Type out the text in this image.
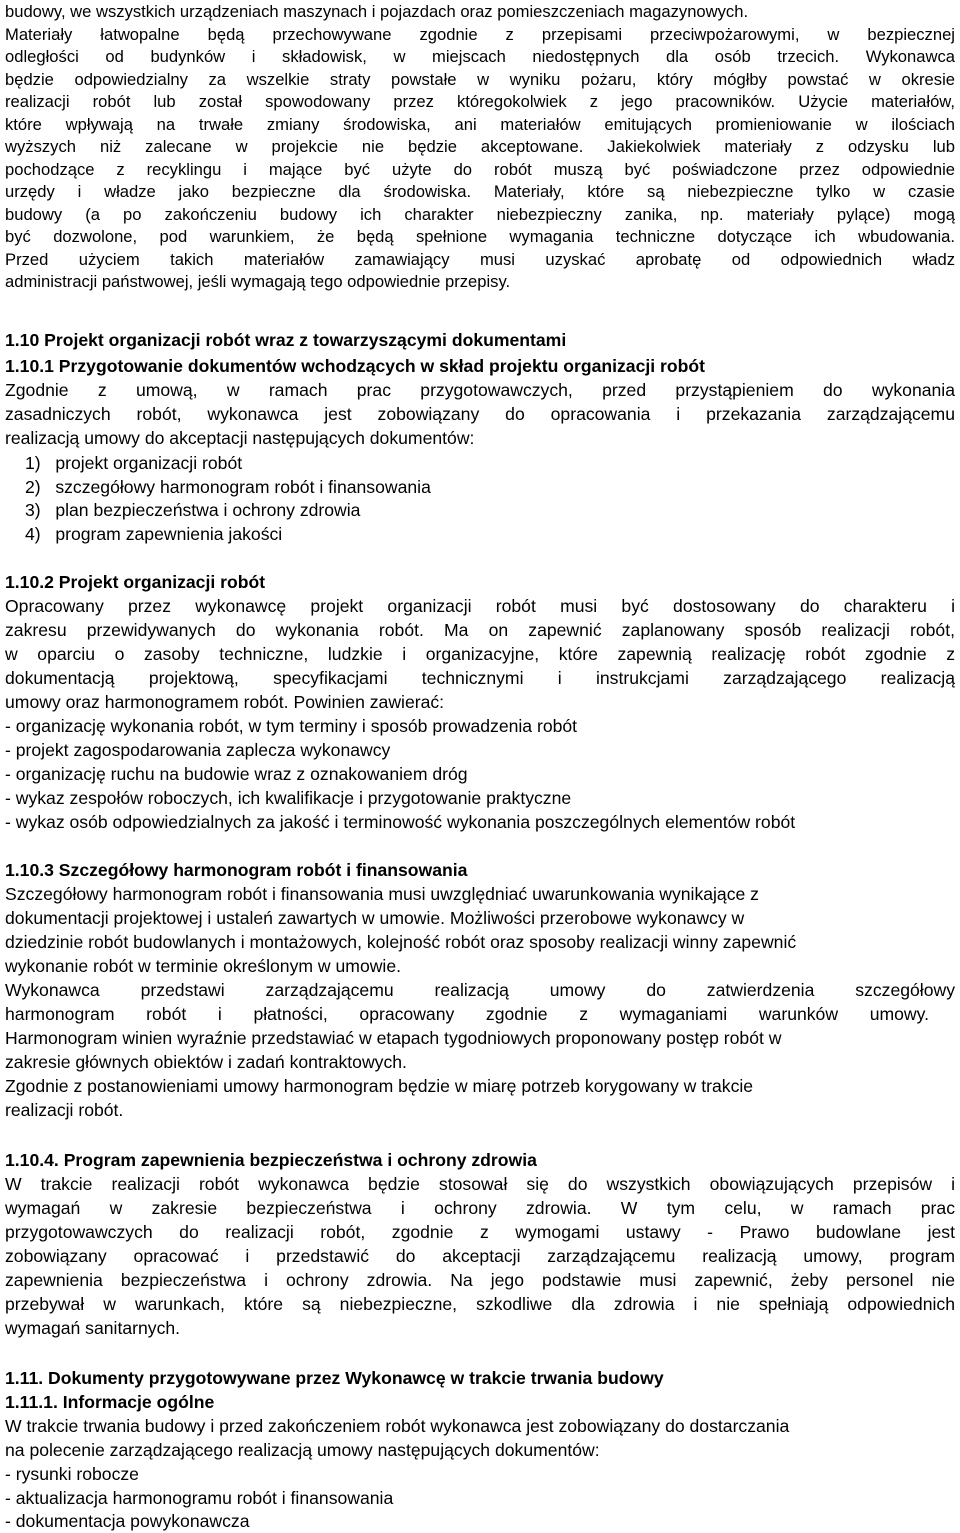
budowy, we wszystkich urządzeniach maszynach i pojazdach oraz pomieszczeniach magazynowych.
Materiały łatwopalne będą przechowywane zgodnie z przepisami przeciwpożarowymi, w bezpiecznej
odległości od budynków i składowisk, w miejscach niedostępnych dla osób trzecich. Wykonawca
będzie odpowiedzialny za wszelkie straty powstałe w wyniku pożaru, który mógłby powstać w okresie
realizacji robót lub został spowodowany przez któregokolwiek z jego pracowników. Użycie materiałów,
które wpływają na trwałe zmiany środowiska, ani materiałów emitujących promieniowanie w ilościach
wyższych niż zalecane w projekcie nie będzie akceptowane. Jakiekolwiek materiały z odzysku lub
pochodzące z recyklingu i mające być użyte do robót muszą być poświadczone przez odpowiednie
urzędy i władze jako bezpieczne dla środowiska. Materiały, które są niebezpieczne tylko w czasie
budowy (a po zakończeniu budowy ich charakter niebezpieczny zanika, np. materiały pylące) mogą
być dozwolone, pod warunkiem, że będą spełnione wymagania techniczne dotyczące ich wbudowania.
Przed użyciem takich materiałów zamawiający musi uzyskać aprobatę od odpowiednich władz
administracji państwowej, jeśli wymagają tego odpowiednie przepisy.
1.10 Projekt organizacji robót wraz z towarzyszącymi dokumentami
1.10.1 Przygotowanie dokumentów wchodzących w skład projektu organizacji robót
Zgodnie z umową, w ramach prac przygotowawczych, przed przystąpieniem do wykonania
zasadniczych robót, wykonawca jest zobowiązany do opracowania i przekazania zarządzającemu
realizacją umowy do akceptacji następujących dokumentów:
1) projekt organizacji robót
2) szczegółowy harmonogram robót i finansowania
3) plan bezpieczeństwa i ochrony zdrowia
4) program zapewnienia jakości
1.10.2 Projekt organizacji robót
Opracowany przez wykonawcę projekt organizacji robót musi być dostosowany do charakteru i
zakresu przewidywanych do wykonania robót. Ma on zapewnić zaplanowany sposób realizacji robót,
w oparciu o zasoby techniczne, ludzkie i organizacyjne, które zapewnią realizację robót zgodnie z
dokumentacją projektową, specyfikacjami technicznymi i instrukcjami zarządzającego realizacją
umowy oraz harmonogramem robót. Powinien zawierać:
- organizację wykonania robót, w tym terminy i sposób prowadzenia robót
- projekt zagospodarowania zaplecza wykonawcy
- organizację ruchu na budowie wraz z oznakowaniem dróg
- wykaz zespołów roboczych, ich kwalifikacje i przygotowanie praktyczne
- wykaz osób odpowiedzialnych za jakość i terminowość wykonania poszczególnych elementów robót
1.10.3 Szczegółowy harmonogram robót i finansowania
Szczegółowy harmonogram robót i finansowania musi uwzględniać uwarunkowania wynikające z
dokumentacji projektowej i ustaleń zawartych w umowie. Możliwości przerobowe wykonawcy w
dziedzinie robót budowlanych i montażowych, kolejność robót oraz sposoby realizacji winny zapewnić
wykonanie robót w terminie określonym w umowie.
Wykonawca przedstawi zarządzającemu realizacją umowy do zatwierdzenia szczegółowy
harmonogram robót i płatności, opracowany zgodnie z wymaganiami warunków umowy.
Harmonogram winien wyraźnie przedstawiać w etapach tygodniowych proponowany postęp robót w
zakresie głównych obiektów i zadań kontraktowych.
Zgodnie z postanowieniami umowy harmonogram będzie w miarę potrzeb korygowany w trakcie
realizacji robót.
1.10.4. Program zapewnienia bezpieczeństwa i ochrony zdrowia
W trakcie realizacji robót wykonawca będzie stosował się do wszystkich obowiązujących przepisów i
wymagań w zakresie bezpieczeństwa i ochrony zdrowia. W tym celu, w ramach prac
przygotowawczych do realizacji robót, zgodnie z wymogami ustawy - Prawo budowlane jest
zobowiązany opracować i przedstawić do akceptacji zarządzającemu realizacją umowy, program
zapewnienia bezpieczeństwa i ochrony zdrowia. Na jego podstawie musi zapewnić, żeby personel nie
przebywał w warunkach, które są niebezpieczne, szkodliwe dla zdrowia i nie spełniają odpowiednich
wymagań sanitarnych.
1.11. Dokumenty przygotowywane przez Wykonawcę w trakcie trwania budowy
1.11.1. Informacje ogólne
W trakcie trwania budowy i przed zakończeniem robót wykonawca jest zobowiązany do dostarczania
na polecenie zarządzającego realizacją umowy następujących dokumentów:
- rysunki robocze
- aktualizacja harmonogramu robót i finansowania
- dokumentacja powykonawcza
